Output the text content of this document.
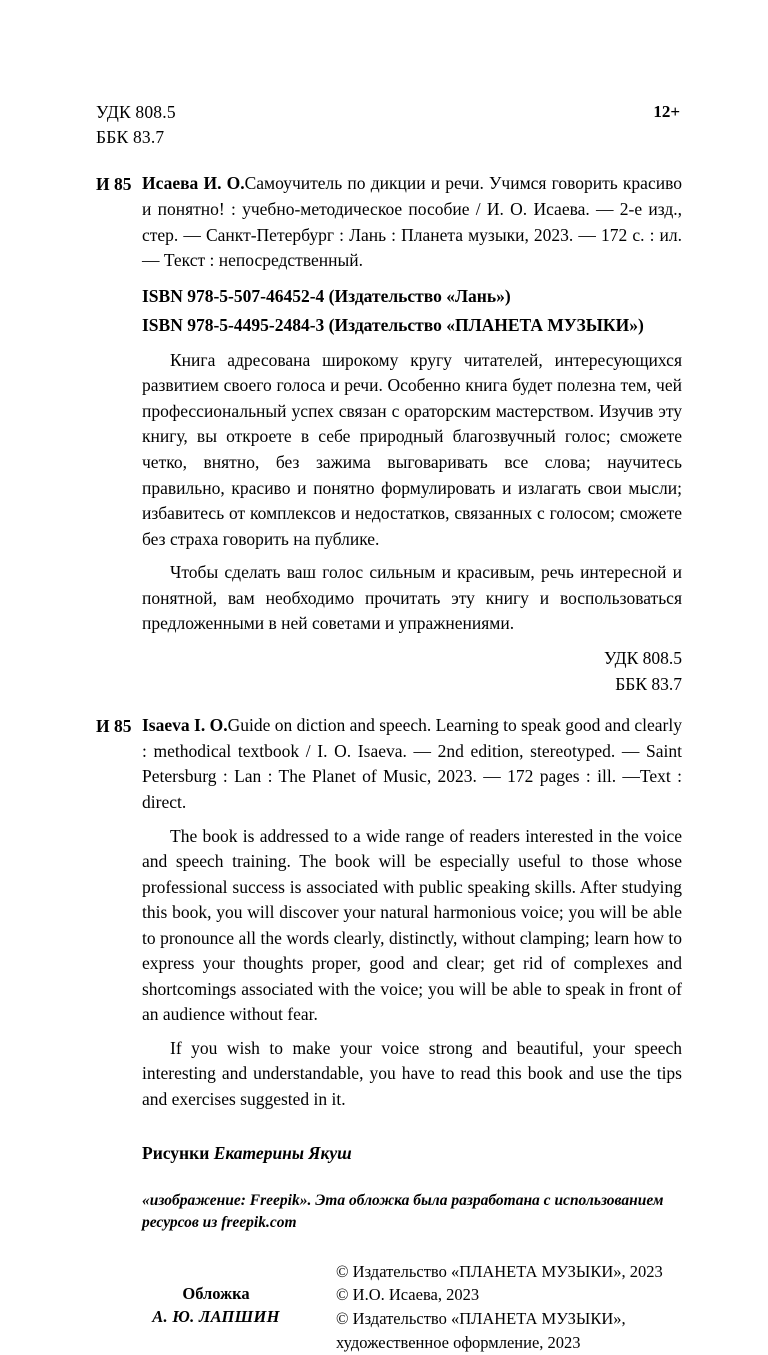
УДК 808.5
ББК 83.7
12+
И 85 Исаева И. О.Самоучитель по дикции и речи. Учимся говорить красиво и понятно! : учебно-методическое пособие / И. О. Исаева. — 2-е изд., стер. — Санкт-Петербург : Лань : Планета музыки, 2023. — 172 с. : ил. — Текст : непосредственный.
ISBN 978-5-507-46452-4 (Издательство «Лань»)
ISBN 978-5-4495-2484-3 (Издательство «ПЛАНЕТА МУЗЫКИ»)
Книга адресована широкому кругу читателей, интересующихся развитием своего голоса и речи. Особенно книга будет полезна тем, чей профессиональный успех связан с ораторским мастерством. Изучив эту книгу, вы откроете в себе природный благозвучный голос; сможете четко, внятно, без зажима выговаривать все слова; научитесь правильно, красиво и понятно формулировать и излагать свои мысли; избавитесь от комплексов и недостатков, связанных с голосом; сможете без страха говорить на публике.
Чтобы сделать ваш голос сильным и красивым, речь интересной и понятной, вам необходимо прочитать эту книгу и воспользоваться предложенными в ней советами и упражнениями.
УДК 808.5
ББК 83.7
И 85 Isaeva I. O.Guide on diction and speech. Learning to speak good and clearly : methodical textbook / I. O. Isaeva. — 2nd edition, stereotyped. — Saint Petersburg : Lan : The Planet of Music, 2023. — 172 pages : ill. —Text : direct.
The book is addressed to a wide range of readers interested in the voice and speech training. The book will be especially useful to those whose professional success is associated with public speaking skills. After studying this book, you will discover your natural harmonious voice; you will be able to pronounce all the words clearly, distinctly, without clamping; learn how to express your thoughts proper, good and clear; get rid of complexes and shortcomings associated with the voice; you will be able to speak in front of an audience without fear.
If you wish to make your voice strong and beautiful, your speech interesting and understandable, you have to read this book and use the tips and exercises suggested in it.
Рисунки Екатерины Якуш
«изображение: Freepik». Эта обложка была разработана с использованием ресурсов из freepik.com
Обложка
А. Ю. ЛАПШИН
© Издательство «ПЛАНЕТА МУЗЫКИ», 2023
© И.О. Исаева, 2023
© Издательство «ПЛАНЕТА МУЗЫКИ», художественное оформление, 2023
